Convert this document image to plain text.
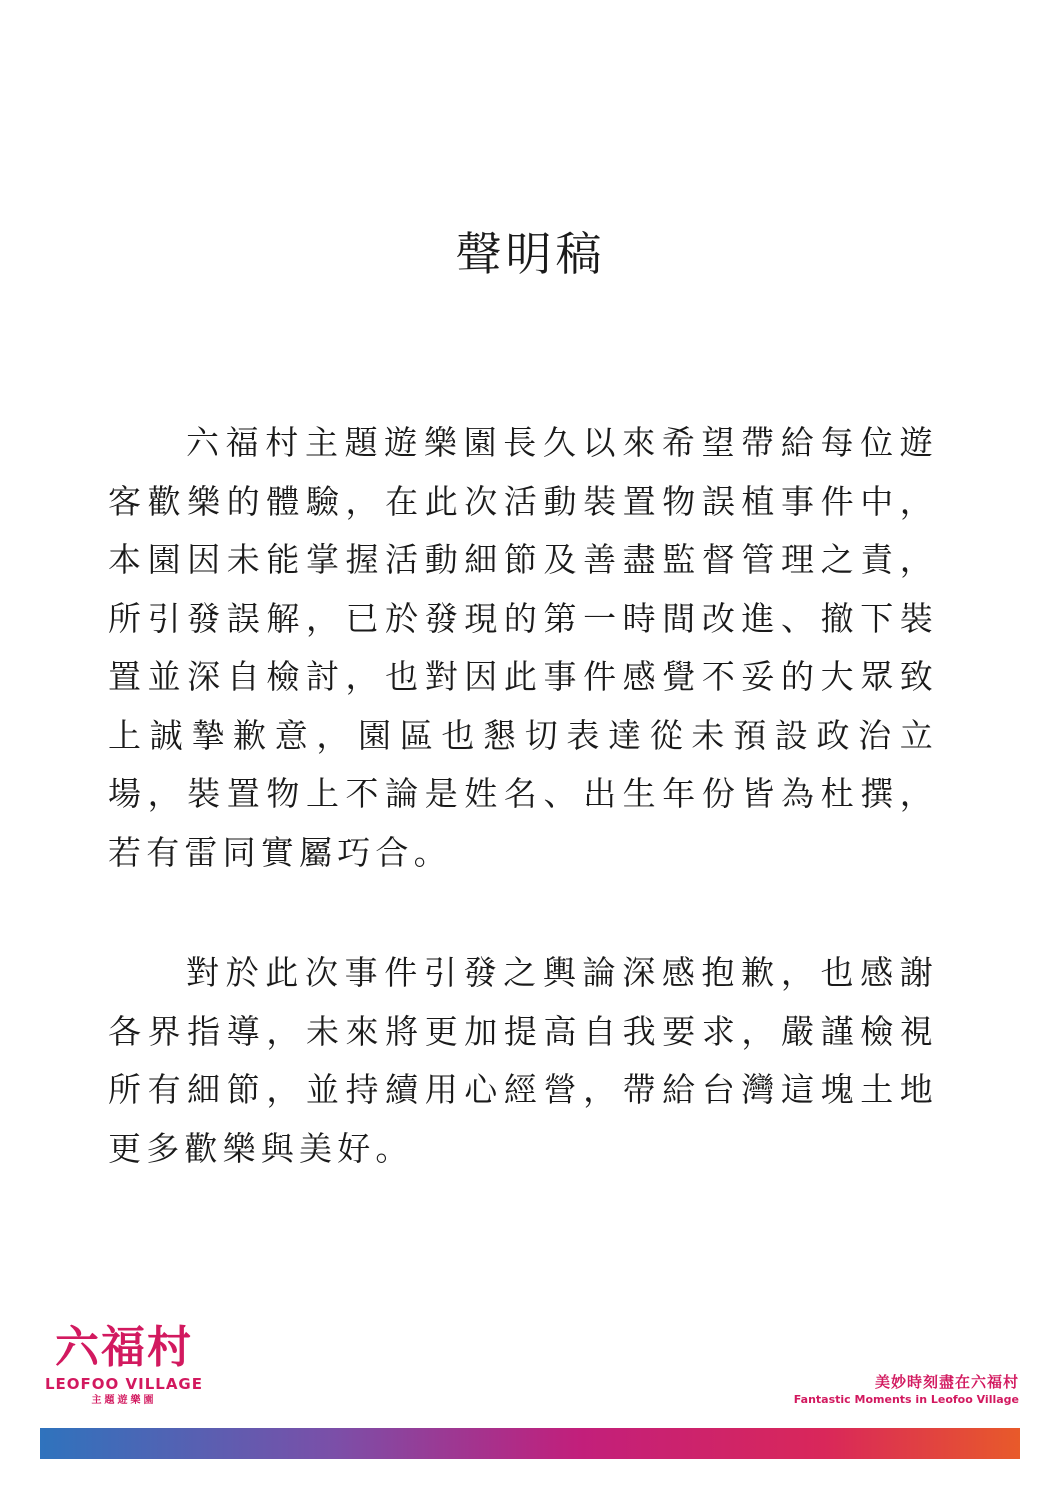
聲明稿
六福村主題遊樂園長久以來希望帶給每位遊客歡樂的體驗，在此次活動裝置物誤植事件中，本園因未能掌握活動細節及善盡監督管理之責，所引發誤解，已於發現的第一時間改進、撤下裝置並深自檢討，也對因此事件感覺不妥的大眾致上誠摯歉意，園區也懇切表達從未預設政治立場，裝置物上不論是姓名、出生年份皆為杜撰，若有雷同實屬巧合。
對於此次事件引發之輿論深感抱歉，也感謝各界指導，未來將更加提高自我要求，嚴謹檢視所有細節，並持續用心經營，帶給台灣這塊土地更多歡樂與美好。
六福村
LEOFOO VILLAGE
主題遊樂園
美妙時刻盡在六福村
Fantastic Moments in Leofoo Village
